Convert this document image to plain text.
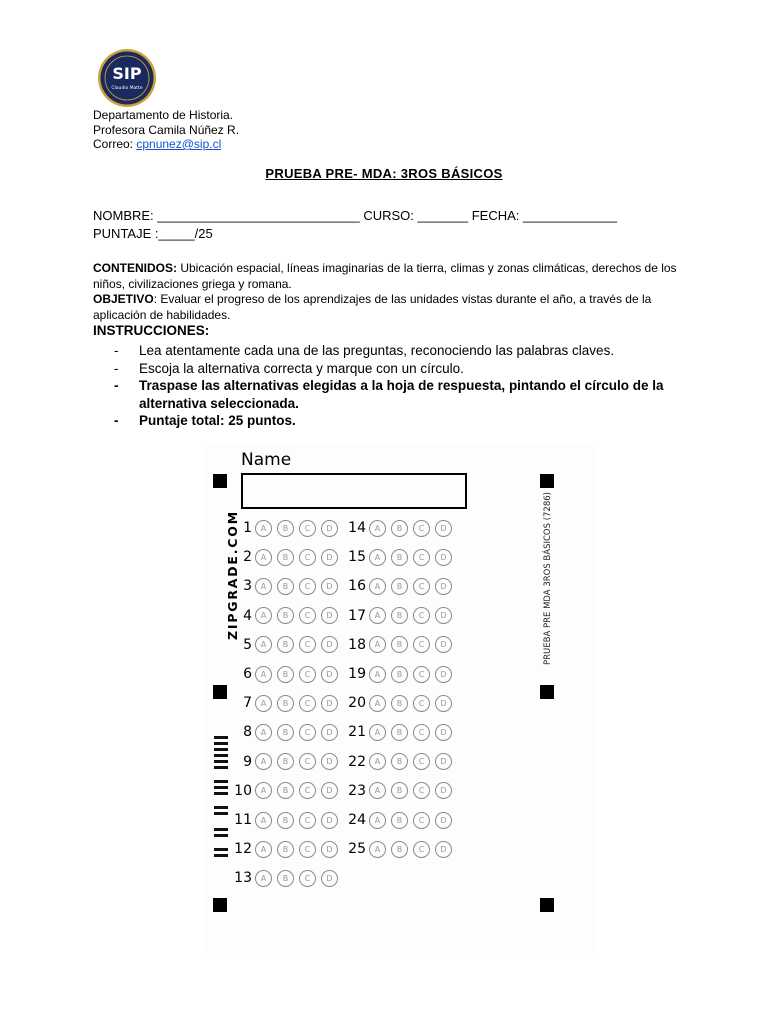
SIP
Claudio Matte
Departamento de Historia.
Profesora Camila Núñez R.
Correo: cpnunez@sip.cl
PRUEBA PRE- MDA: 3ROS BÁSICOS
NOMBRE: ____________________________ CURSO: _______ FECHA: _____________
PUNTAJE :_____/25
CONTENIDOS: Ubicación espacial, líneas imaginarias de la tierra, climas y zonas climáticas, derechos de los niños, civilizaciones griega y romana.
OBJETIVO: Evaluar el progreso de los aprendizajes de las unidades vistas durante el año, a través de la aplicación de habilidades.
INSTRUCCIONES:
- Lea atentamente cada una de las preguntas, reconociendo las palabras claves.
- Escoja la alternativa correcta y marque con un círculo.
- Traspase las alternativas elegidas a la hoja de respuesta, pintando el círculo de la alternativa seleccionada.
- Puntaje total: 25 puntos.
Name
ZIPGRADE.COM	PRUEBA PRE MDA 3ROS BÁSICOS (7286)
1	A	B	C	D
2	A	B	C	D
3	A	B	C	D
4	A	B	C	D
5	A	B	C	D
6	A	B	C	D
7	A	B	C	D
8	A	B	C	D
9	A	B	C	D
10	A	B	C	D
11	A	B	C	D
12	A	B	C	D
13	A	B	C	D
14	A	B	C	D
15	A	B	C	D
16	A	B	C	D
17	A	B	C	D
18	A	B	C	D
19	A	B	C	D
20	A	B	C	D
21	A	B	C	D
22	A	B	C	D
23	A	B	C	D
24	A	B	C	D
25	A	B	C	D
